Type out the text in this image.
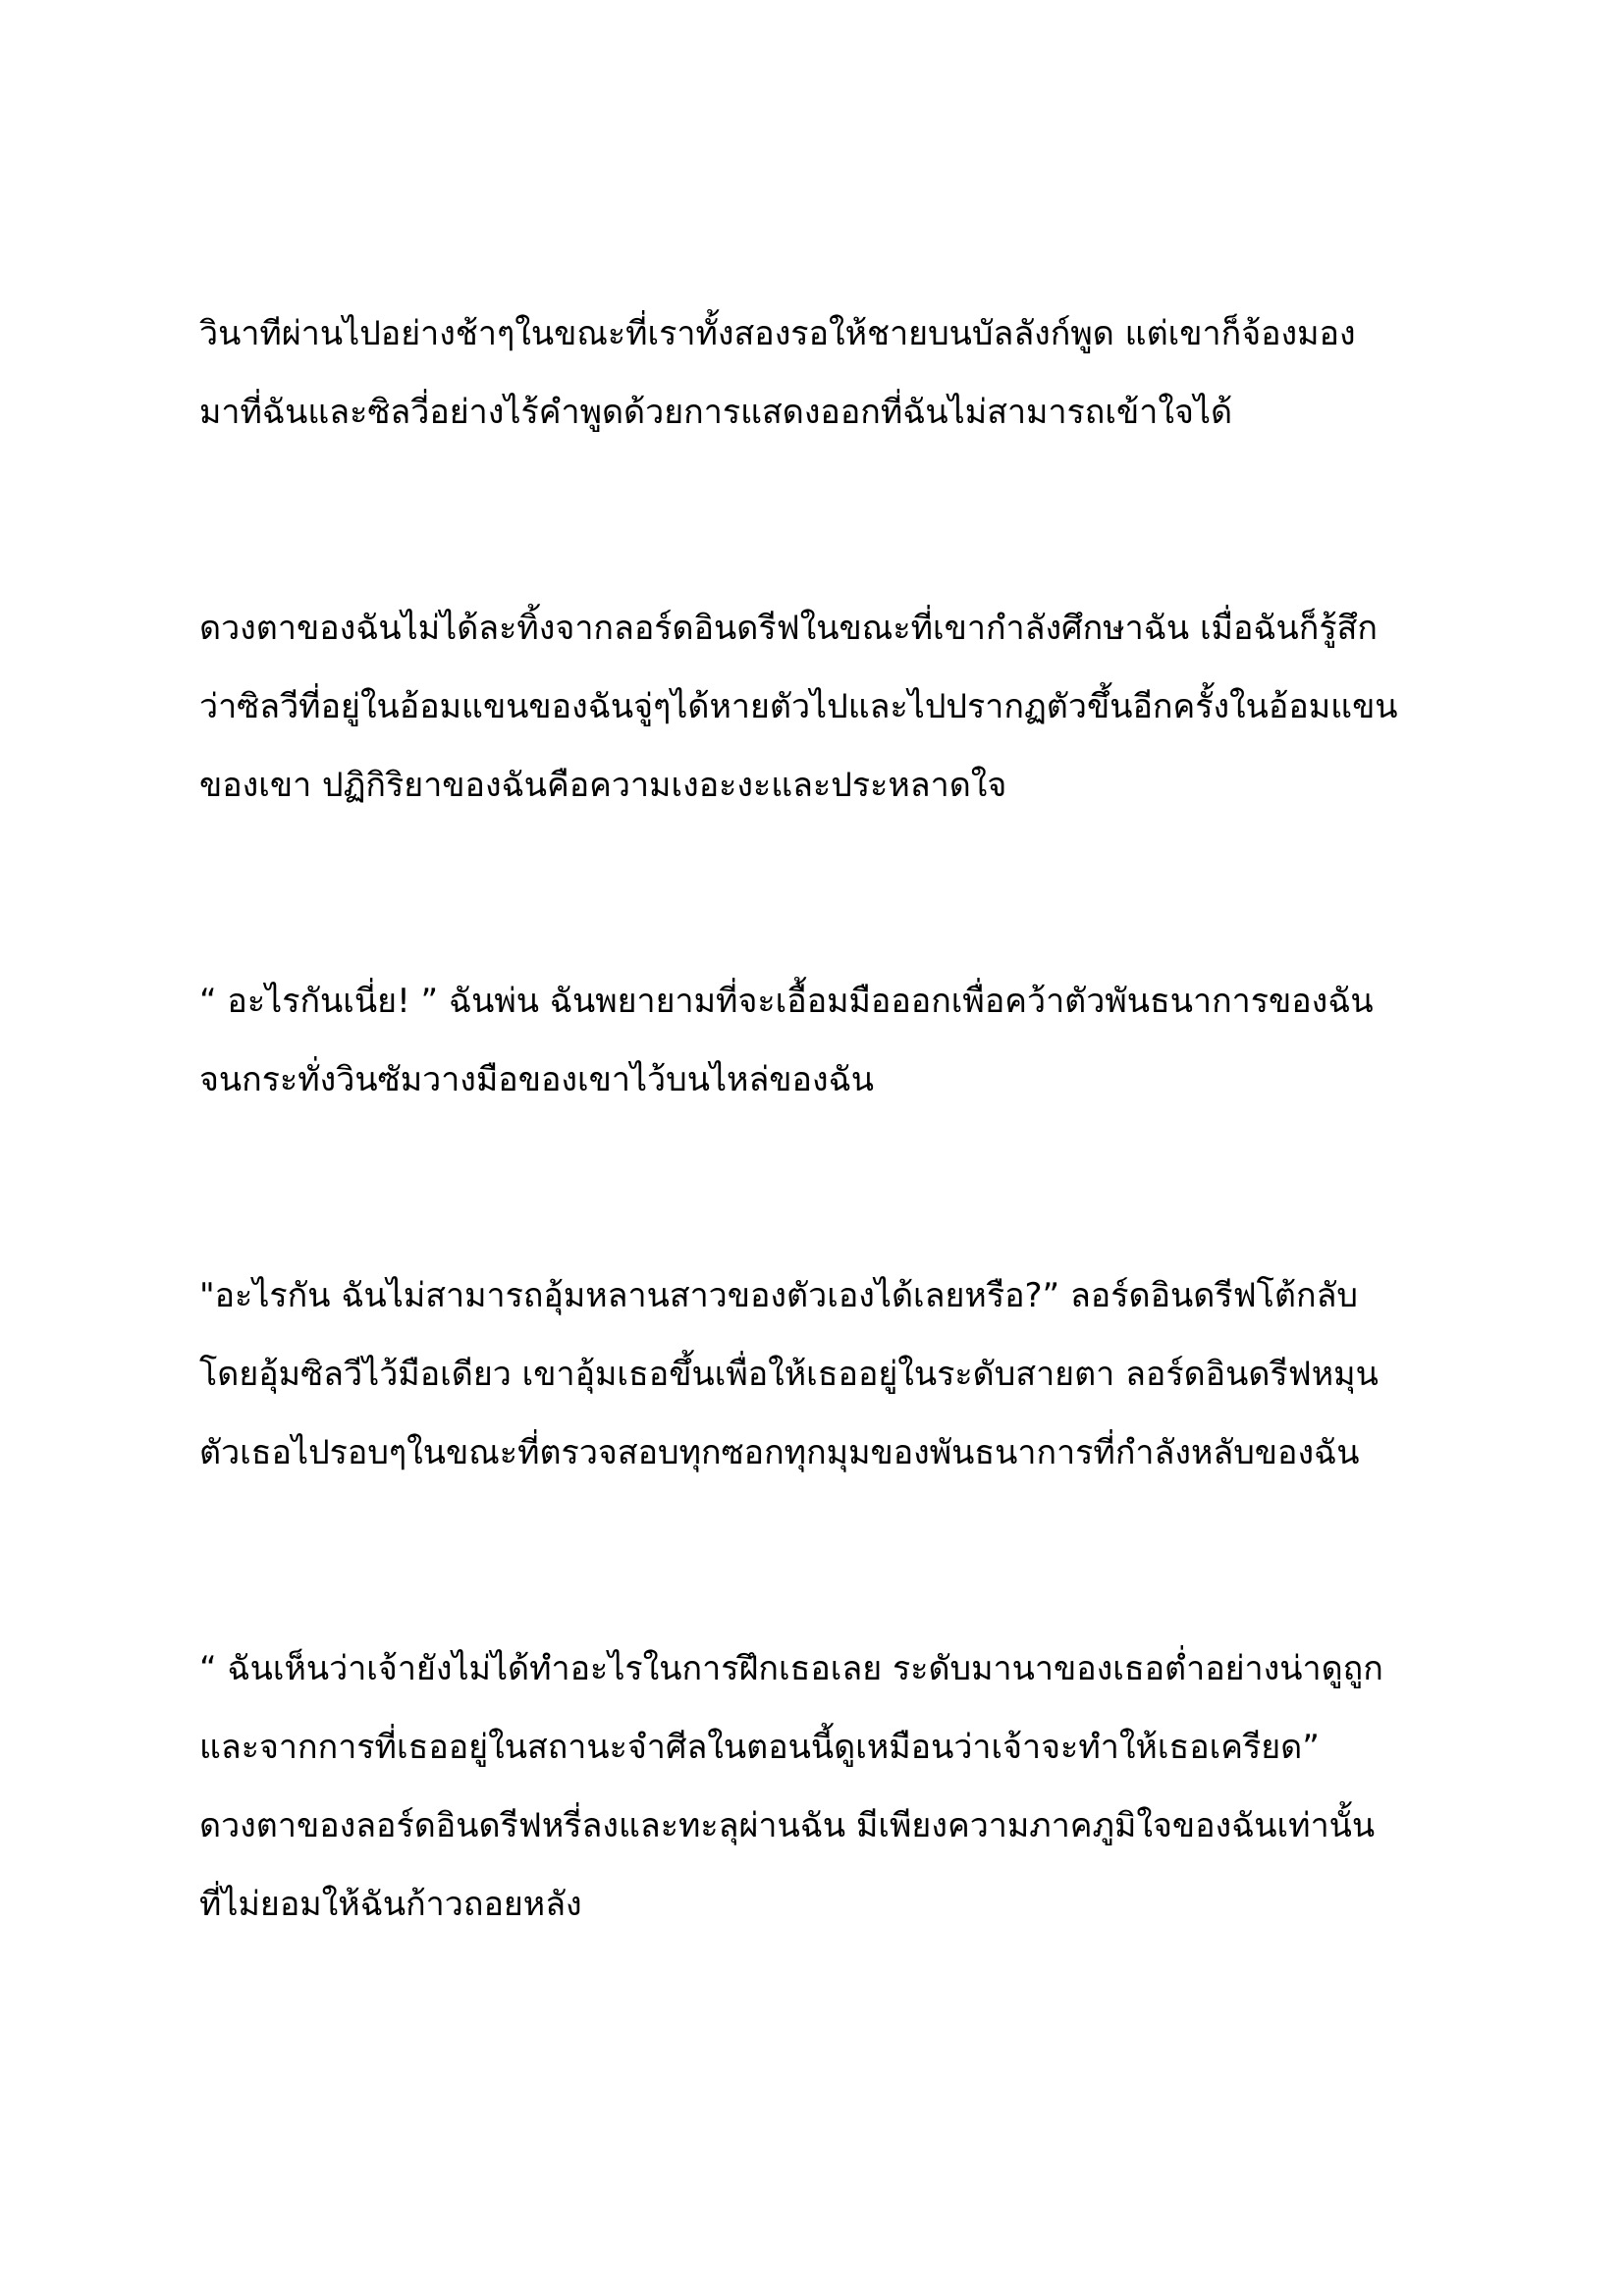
วินาทีผ่านไปอย่างช้าๆในขณะที่เราทั้งสองรอให้ชายบนบัลลังก์พูด แต่เขาก็จ้องมอง
มาที่ฉันและซิลวี่อย่างไร้คำพูดด้วยการแสดงออกที่ฉันไม่สามารถเข้าใจได้

ดวงตาของฉันไม่ได้ละทิ้งจากลอร์ดอินดรีฟในขณะที่เขากำลังศึกษาฉัน เมื่อฉันก็รู้สึก
ว่าซิลวีที่อยู่ในอ้อมแขนของฉันจู่ๆได้หายตัวไปและไปปรากฏตัวขึ้นอีกครั้งในอ้อมแขน
ของเขา ปฏิกิริยาของฉันคือความเงอะงะและประหลาดใจ

“ อะไรกันเนี่ย! ” ฉันพ่น ฉันพยายามที่จะเอื้อมมือออกเพื่อคว้าตัวพันธนาการของฉัน
จนกระทั่งวินซัมวางมือของเขาไว้บนไหล่ของฉัน

"อะไรกัน ฉันไม่สามารถอุ้มหลานสาวของตัวเองได้เลยหรือ?” ลอร์ดอินดรีฟโต้กลับ
โดยอุ้มซิลวีไว้มือเดียว เขาอุ้มเธอขึ้นเพื่อให้เธออยู่ในระดับสายตา ลอร์ดอินดรีฟหมุน
ตัวเธอไปรอบๆในขณะที่ตรวจสอบทุกซอกทุกมุมของพันธนาการที่กำลังหลับของฉัน

“ ฉันเห็นว่าเจ้ายังไม่ได้ทำอะไรในการฝึกเธอเลย ระดับมานาของเธอต่ำอย่างน่าดูถูก
และจากการที่เธออยู่ในสถานะจำศีลในตอนนี้ดูเหมือนว่าเจ้าจะทำให้เธอเครียด”
ดวงตาของลอร์ดอินดรีฟหรี่ลงและทะลุผ่านฉัน มีเพียงความภาคภูมิใจของฉันเท่านั้น
ที่ไม่ยอมให้ฉันก้าวถอยหลัง
